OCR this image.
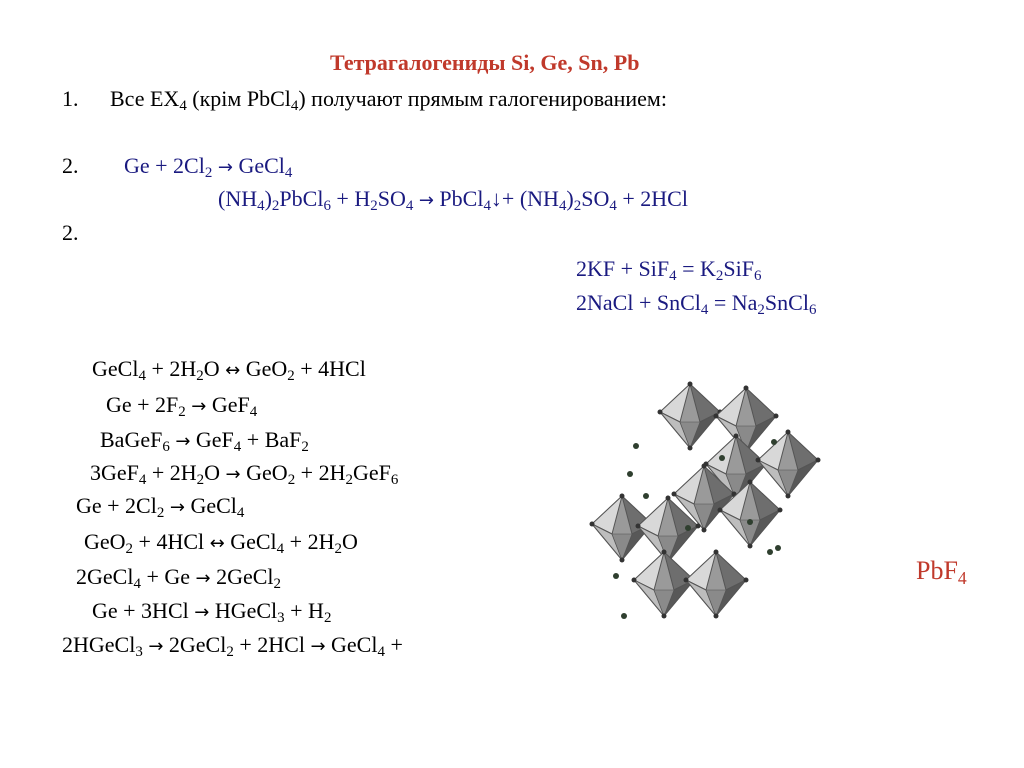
Тетрагалогениды Si, Ge, Sn, Pb
1. Все $EX_4$ (крім PbCl$_4$) получают прямым галогенированием:
2. $Ge + 2Cl_2$ → GeCl$_4$
$(NH_4)_2PbCl_6 + H_2SO_4$ → PbCl$_4$↓+ $(NH_4)_2SO_4 + 2HCl$
2.
$2KF + SiF_4 = K_2SiF_6$
2NaCl + SnCl$_4$ = $Na_2SnCl_6$
GeCl$_4$ + $2H_2O$ ↔ GeO$_2$ + 4HCl
$Ge + 2F_2 \to GeF_4$
BaGeF$_6$ → GeF$_4$ + BaF$_2$
$3GeF_4 + 2H_2O \to GeO_2 + 2H_2GeF_6$
$Ge + 2Cl_2$ → GeCl$_4$
GeO$_2$ + 4HCl ↔ GeCl$_4$ + $2H_2O$
2GeCl$_4$ + Ge → 2GeCl$_2$
Ge + 3HCl → HGeCl$_3$ + $H_2$
2HGeCl$_3$ → 2GeCl$_2$ + 2HCl → GeCl$_4$ +
PbF$_4$
